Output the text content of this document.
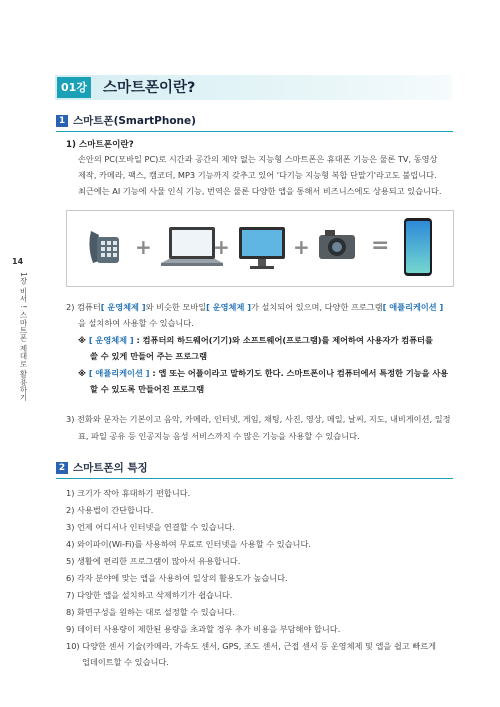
14
1장 비서 ! 스마트폰 제대로 활용하기
01강 스마트폰이란?
1 스마트폰(SmartPhone)
1) 스마트폰이란?
손안의 PC(모바일 PC)로 시간과 공간의 제약 없는 지능형 스마트폰은 휴대폰 기능은 물론 TV, 동영상
제작, 카메라, 팩스, 캠코더, MP3 기능까지 갖추고 있어 '다기능 지능형 복합 단말기'라고도 불립니다.
최근에는 AI 기능에 사물 인식 기능, 번역은 물론 다양한 앱을 통해서 비즈니스에도 상용되고 있습니다.
+	+	+	=
2) 컴퓨터[ 운영체제 ]와 비슷한 모바일[ 운영체제 ]가 설치되어 있으며, 다양한 프로그램[ 애플리케이션 ]
을 설치하여 사용할 수 있습니다.
※ [ 운영체제 ] : 컴퓨터의 하드웨어(기기)와 소프트웨어(프로그램)를 제어하여 사용자가 컴퓨터를
쓸 수 있게 만들어 주는 프로그램
※ [ 애플리케이션 ] : 앱 또는 어플이라고 말하기도 한다. 스마트폰이나 컴퓨터에서 특정한 기능을 사용
할 수 있도록 만들어진 프로그램
3) 전화와 문자는 기본이고 음악, 카메라, 인터넷, 게임, 채팅, 사진, 영상, 메일, 날씨, 지도, 내비게이션, 일정
표, 파일 공유 등 인공지능 음성 서비스까지 수 많은 기능을 사용할 수 있습니다.
2 스마트폰의 특징
1) 크기가 작아 휴대하기 편합니다.
2) 사용법이 간단합니다.
3) 언제 어디서나 인터넷을 연결할 수 있습니다.
4) 와이파이(Wi-Fi)를 사용하여 무료로 인터넷을 사용할 수 있습니다.
5) 생활에 편리한 프로그램이 많아서 유용합니다.
6) 각자 분야에 맞는 앱을 사용하여 일상의 활용도가 높습니다.
7) 다양한 앱을 설치하고 삭제하기가 쉽습니다.
8) 화면구성을 원하는 대로 설정할 수 있습니다.
9) 데이터 사용량이 제한된 용량을 초과할 경우 추가 비용을 부담해야 합니다.
10) 다양한 센서 기술(카메라, 가속도 센서, GPS, 조도 센서, 근접 센서 등 운영체제 및 앱을 쉽고 빠르게
업데이트할 수 있습니다.
